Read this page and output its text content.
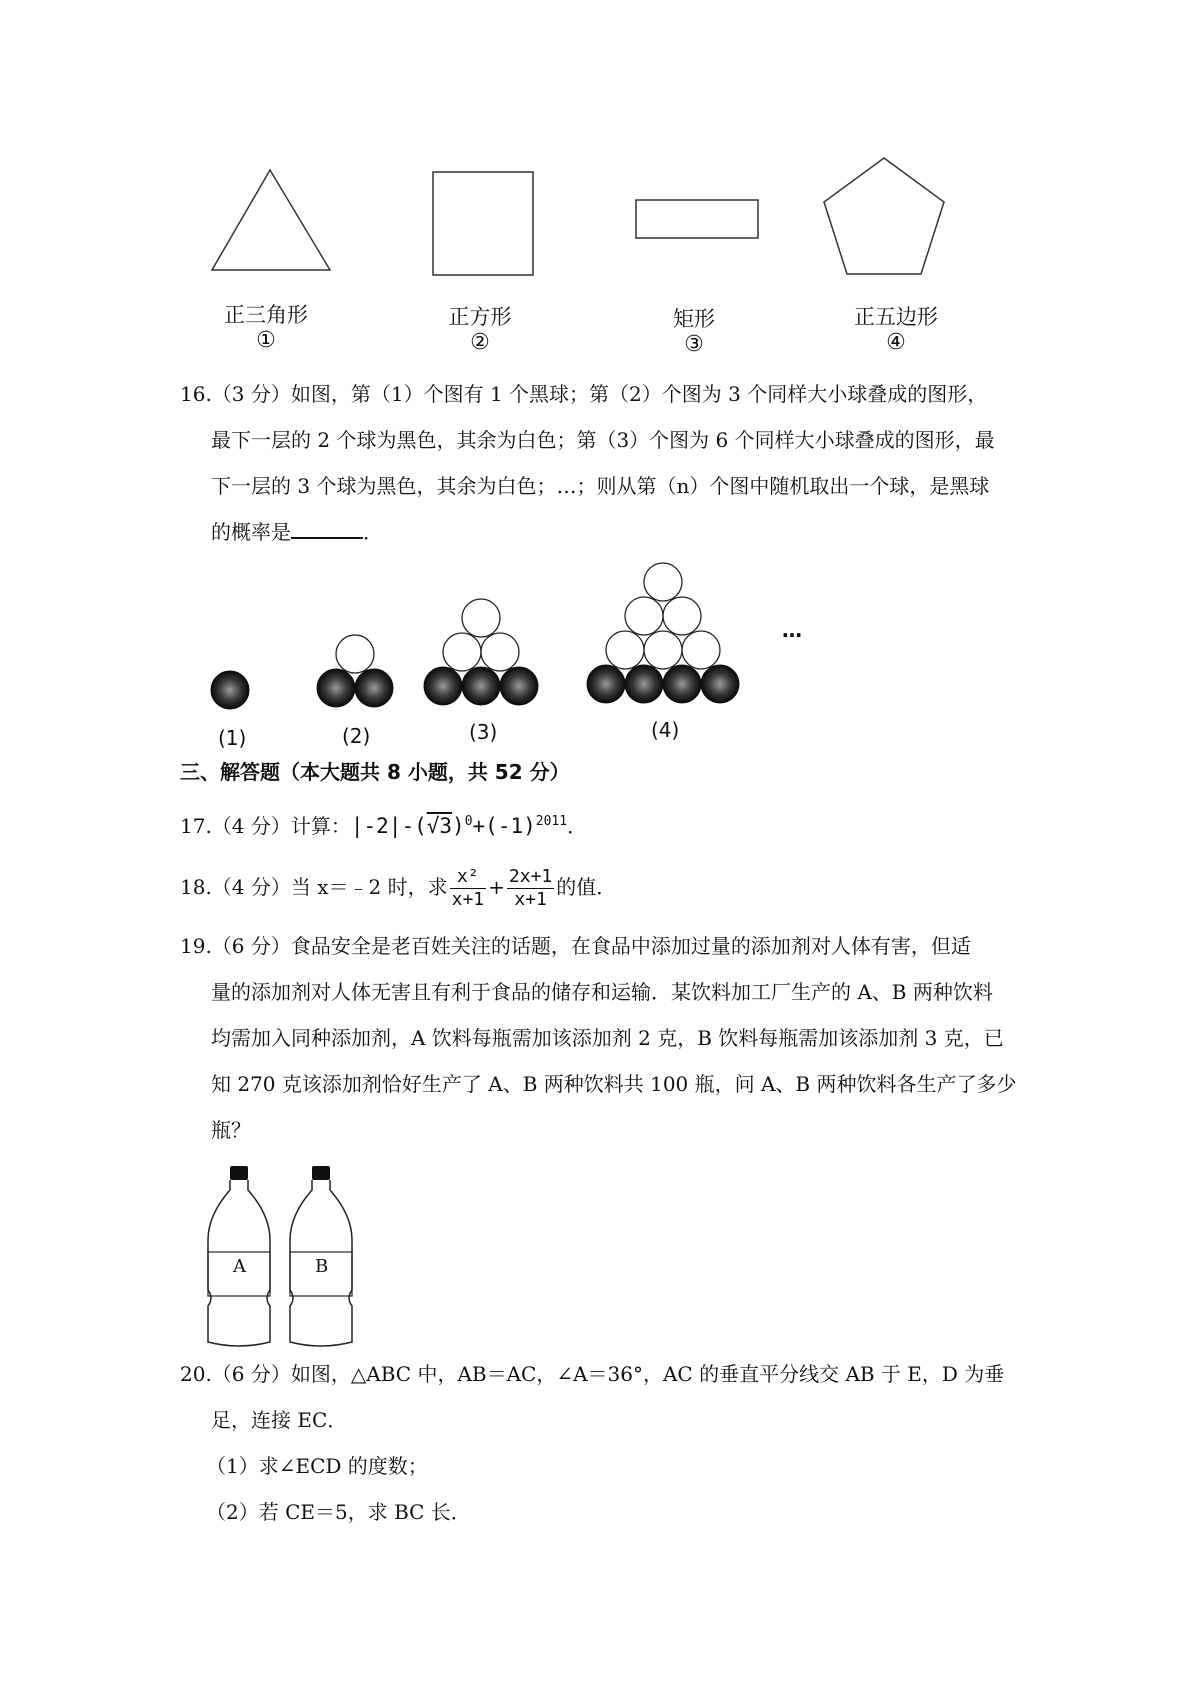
正三角形
①
正方形
②
矩形
③
正五边形
④
16.（3 分）如图，第（1）个图有 1 个黑球；第（2）个图为 3 个同样大小球叠成的图形，
最下一层的 2 个球为黑色，其余为白色；第（3）个图为 6 个同样大小球叠成的图形，最
下一层的 3 个球为黑色，其余为白色；…；则从第（n）个图中随机取出一个球，是黑球
的概率是	．
(1)	(2)	(3)	(4)
…
三、解答题（本大题共 8 小题，共 52 分）
17.（4 分）计算：$|-2|-(√3)^0+(-1)^{2011}$．
18.（4 分）当 x＝﹣2 时，求 $\frac{\text{x²}}{x+1} + \frac{2x+1}{x+1}$ 的值．
19.（6 分）食品安全是老百姓关注的话题，在食品中添加过量的添加剂对人体有害，但适
量的添加剂对人体无害且有利于食品的储存和运输．某饮料加工厂生产的 A、B 两种饮料
均需加入同种添加剂，A 饮料每瓶需加该添加剂 2 克，B 饮料每瓶需加该添加剂 3 克，已
知 270 克该添加剂恰好生产了 A、B 两种饮料共 100 瓶，问 A、B 两种饮料各生产了多少
瓶？
A	B
20.（6 分）如图，△ABC 中，AB＝AC，∠A＝36°，AC 的垂直平分线交 AB 于 E，D 为垂
足，连接 EC．
（1）求∠ECD 的度数；
（2）若 CE＝5，求 BC 长．
